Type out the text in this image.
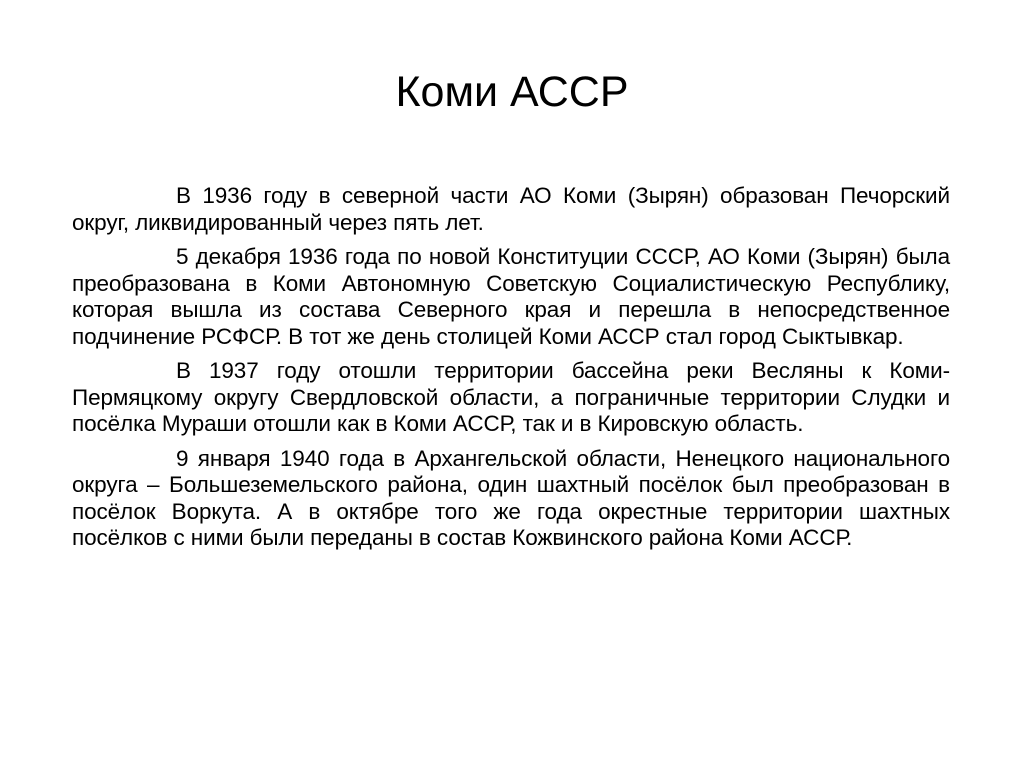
Коми АССР

В 1936 году в северной части АО Коми (Зырян) образован Печорский округ, ликвидированный через пять лет.

5 декабря 1936 года по новой Конституции СССР, АО Коми (Зырян) была преобразована в Коми Автономную Советскую Социалистическую Республику, которая вышла из состава Северного края и перешла в непосредственное подчинение РСФСР. В тот же день столицей Коми АССР стал город Сыктывкар.

В 1937 году отошли территории бассейна реки Весляны к Коми-Пермяцкому округу Свердловской области, а пограничные территории Слудки и посёлка Мураши отошли как в Коми АССР, так и в Кировскую область.

9 января 1940 года в Архангельской области, Ненецкого национального округа – Большеземельского района, один шахтный посёлок был преобразован в посёлок Воркута. А в октябре того же года окрестные территории шахтных посёлков с ними были переданы в состав Кожвинского района Коми АССР.
